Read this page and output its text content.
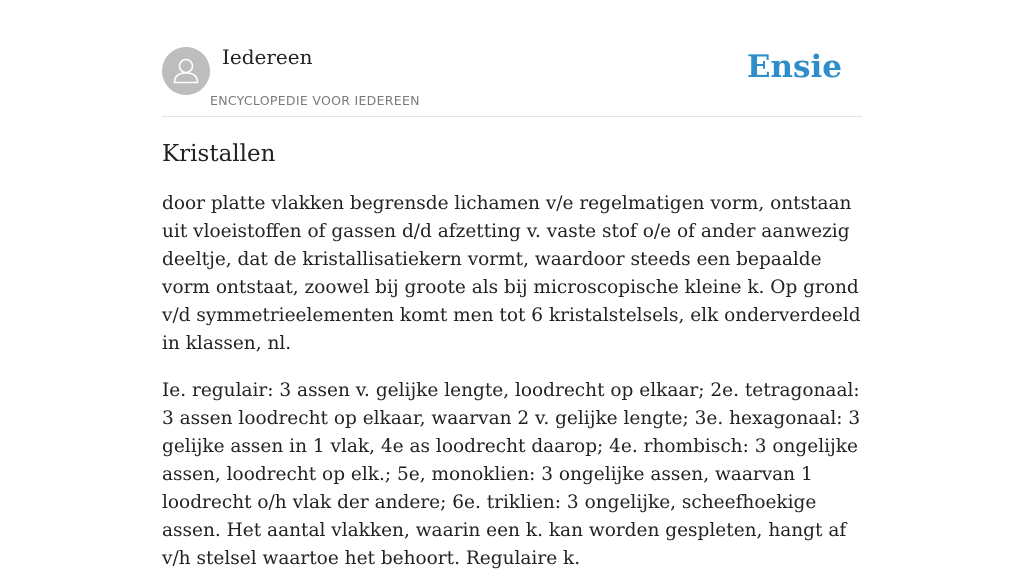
Iedereen
ENCYCLOPEDIE VOOR IEDEREEN
Ensie
Kristallen

door platte vlakken begrensde lichamen v/e regelmatigen vorm, ontstaan uit vloeistoffen of gassen d/d afzetting v. vaste stof o/e of ander aanwezig deeltje, dat de kristallisatiekern vormt, waardoor steeds een bepaalde vorm ontstaat, zoowel bij groote als bij microscopische kleine k. Op grond v/d symmetrieelementen komt men tot 6 kristalstelsels, elk onderverdeeld in klassen, nl.

Ie. regulair: 3 assen v. gelijke lengte, loodrecht op elkaar; 2e. tetragonaal: 3 assen loodrecht op elkaar, waarvan 2 v. gelijke lengte; 3e. hexagonaal: 3 gelijke assen in 1 vlak, 4e as loodrecht daarop; 4e. rhombisch: 3 ongelijke assen, loodrecht op elk.; 5e, monoklien: 3 ongelijke assen, waarvan 1 loodrecht o/h vlak der andere; 6e. triklien: 3 ongelijke, scheefhoekige assen. Het aantal vlakken, waarin een k. kan worden gespleten, hangt af v/h stelsel waartoe het behoort. Regulaire k.
